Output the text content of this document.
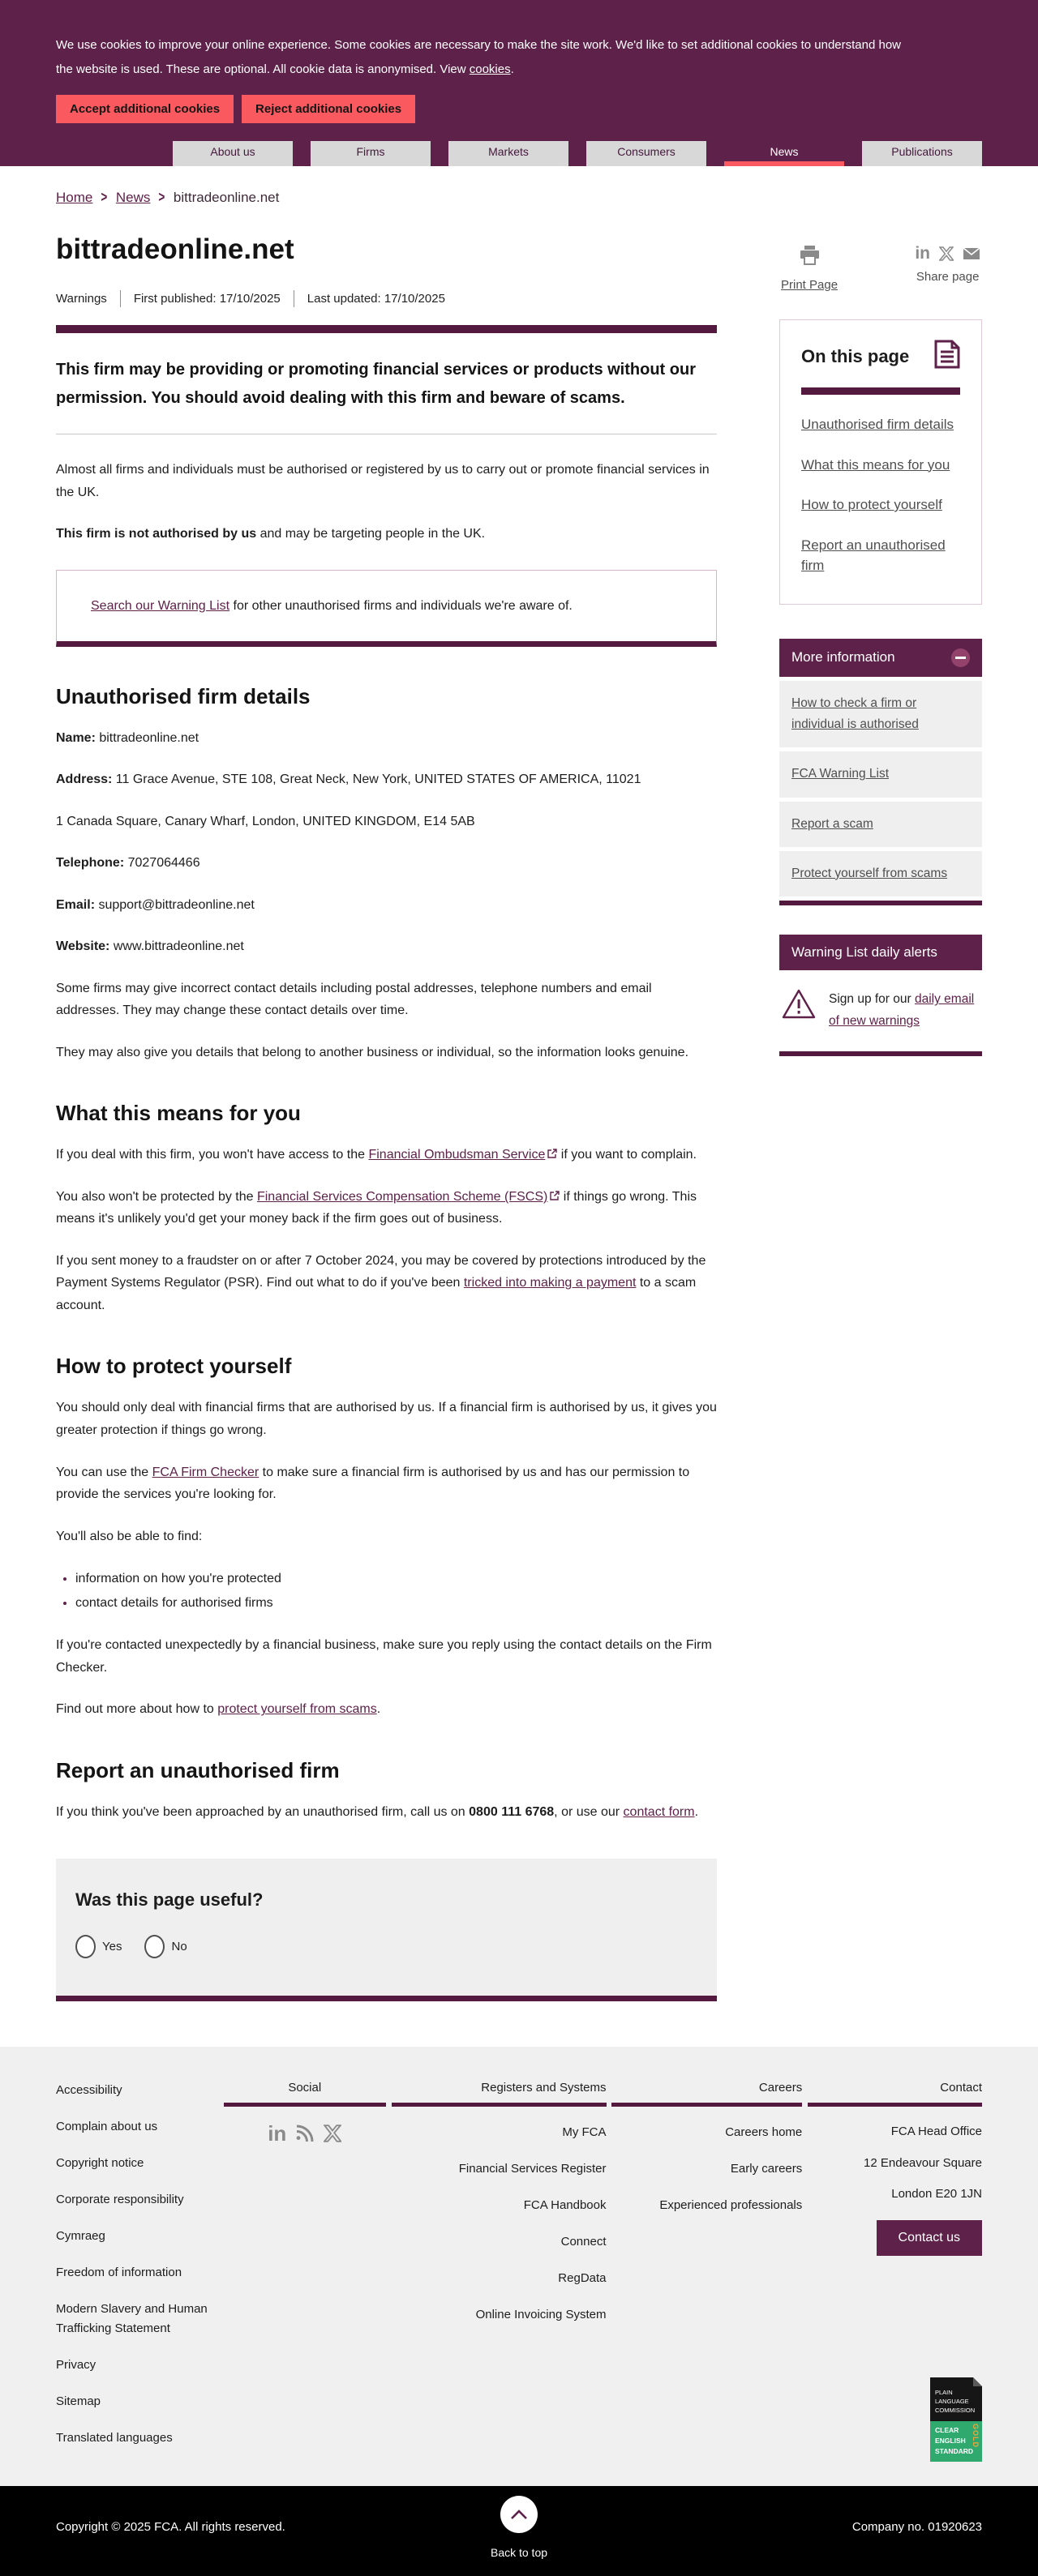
We use cookies to improve your online experience. Some cookies are necessary to make the site work. We'd like to set additional cookies to understand how the website is used. These are optional. All cookie data is anonymised. View cookies.

Accept additional cookies	Reject additional cookies
About us	Firms	Markets	Consumers	News	Publications
Home > News > bittradeonline.net
bittradeonline.net
Warnings	First published: 17/10/2025	Last updated: 17/10/2025

This firm may be providing or promoting financial services or products without our permission. You should avoid dealing with this firm and beware of scams.

Almost all firms and individuals must be authorised or registered by us to carry out or promote financial services in the UK.

This firm is not authorised by us and may be targeting people in the UK.

Search our Warning List for other unauthorised firms and individuals we're aware of.

Unauthorised firm details

Name: bittradeonline.net

Address: 11 Grace Avenue, STE 108, Great Neck, New York, UNITED STATES OF AMERICA, 11021

1 Canada Square, Canary Wharf, London, UNITED KINGDOM, E14 5AB

Telephone: 7027064466

Email: support@bittradeonline.net

Website: www.bittradeonline.net

Some firms may give incorrect contact details including postal addresses, telephone numbers and email addresses. They may change these contact details over time.

They may also give you details that belong to another business or individual, so the information looks genuine.

What this means for you

If you deal with this firm, you won't have access to the Financial Ombudsman Service if you want to complain.

You also won't be protected by the Financial Services Compensation Scheme (FSCS) if things go wrong. This means it's unlikely you'd get your money back if the firm goes out of business.

If you sent money to a fraudster on or after 7 October 2024, you may be covered by protections introduced by the Payment Systems Regulator (PSR). Find out what to do if you've been tricked into making a payment to a scam account.

How to protect yourself

You should only deal with financial firms that are authorised by us. If a financial firm is authorised by us, it gives you greater protection if things go wrong.

You can use the FCA Firm Checker to make sure a financial firm is authorised by us and has our permission to provide the services you're looking for.

You'll also be able to find:

• information on how you're protected
• contact details for authorised firms

If you're contacted unexpectedly by a financial business, make sure you reply using the contact details on the Firm Checker.

Find out more about how to protect yourself from scams.

Report an unauthorised firm

If you think you've been approached by an unauthorised firm, call us on 0800 111 6768, or use our contact form.

Was this page useful?
Yes	No
Print Page
in
Share page
On this page
Unauthorised firm details
What this means for you
How to protect yourself
Report an unauthorised firm
More information
How to check a firm or individual is authorised
FCA Warning List
Report a scam
Protect yourself from scams
Warning List daily alerts
Sign up for our daily email of new warnings
Accessibility
Complain about us
Copyright notice
Corporate responsibility
Cymraeg
Freedom of information
Modern Slavery and Human Trafficking Statement
Privacy
Sitemap
Translated languages
Social
in
Registers and Systems
My FCA
Financial Services Register
FCA Handbook
Connect
RegData
Online Invoicing System
Careers
Careers home
Early careers
Experienced professionals
Contact
FCA Head Office
12 Endeavour Square
London E20 1JN
Contact us
PLAIN
LANGUAGE
COMMISSION
CLEAR
ENGLISH
STANDARD
GOLD
Back to top
Copyright © 2025 FCA. All rights reserved.	Company no. 01920623
